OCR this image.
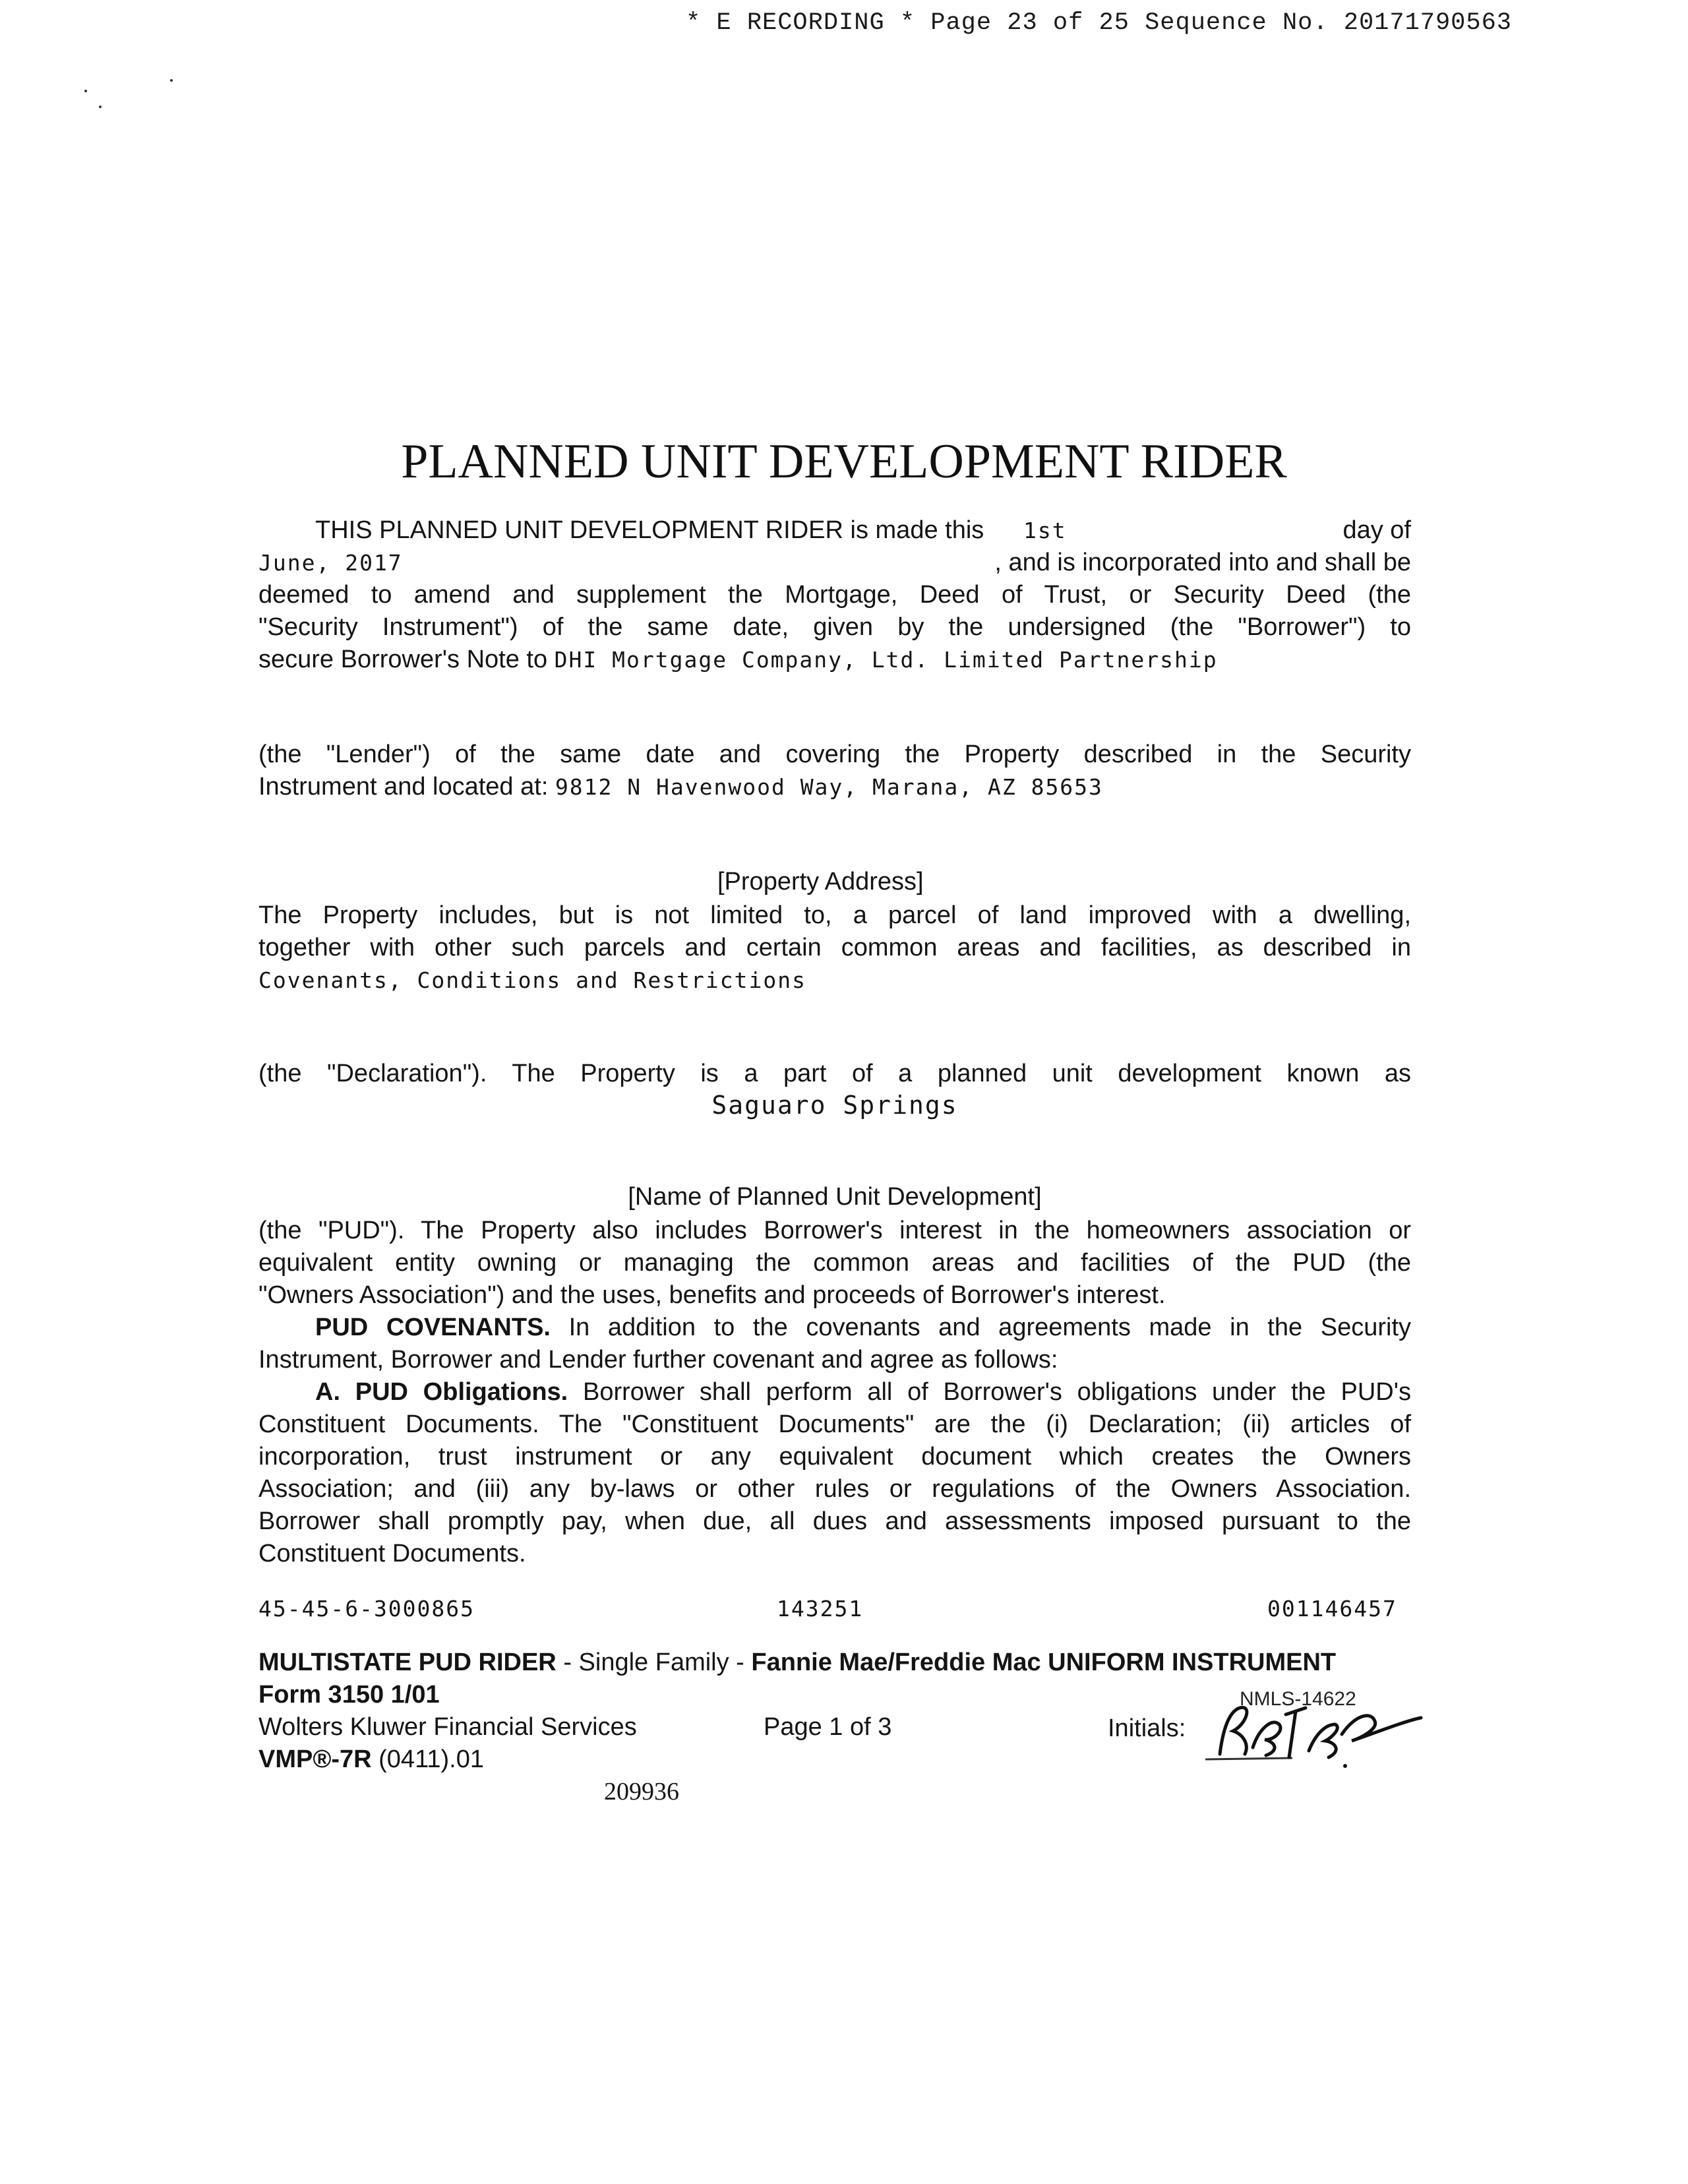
* E RECORDING * Page 23 of 25 Sequence No. 20171790563
PLANNED UNIT DEVELOPMENT RIDER
THIS PLANNED UNIT DEVELOPMENT RIDER is made this 1st	day of

June, 2017	, and is incorporated into and shall be

deemed to amend and supplement the Mortgage, Deed of Trust, or Security Deed (the
"Security Instrument") of the same date, given by the undersigned (the "Borrower") to
secure Borrower's Note to DHI Mortgage Company, Ltd. Limited Partnership
(the "Lender") of the same date and covering the Property described in the Security
Instrument and located at: 9812 N Havenwood Way, Marana, AZ 85653
[Property Address]
The Property includes, but is not limited to, a parcel of land improved with a dwelling,
together with other such parcels and certain common areas and facilities, as described in
Covenants, Conditions and Restrictions
(the "Declaration"). The Property is a part of a planned unit development known as
Saguaro Springs
[Name of Planned Unit Development]
(the "PUD"). The Property also includes Borrower's interest in the homeowners association or
equivalent entity owning or managing the common areas and facilities of the PUD (the
"Owners Association") and the uses, benefits and proceeds of Borrower's interest.
PUD COVENANTS. In addition to the covenants and agreements made in the Security
Instrument, Borrower and Lender further covenant and agree as follows:
A. PUD Obligations. Borrower shall perform all of Borrower's obligations under the PUD's
Constituent Documents. The "Constituent Documents" are the (i) Declaration; (ii) articles of
incorporation, trust instrument or any equivalent document which creates the Owners
Association; and (iii) any by-laws or other rules or regulations of the Owners Association.
Borrower shall promptly pay, when due, all dues and assessments imposed pursuant to the
Constituent Documents.
45-45-6-3000865	143251	001146457
MULTISTATE PUD RIDER - Single Family - Fannie Mae/Freddie Mac UNIFORM INSTRUMENT
Form 3150 1/01
Wolters Kluwer Financial Services	Page 1 of 3	Initials:
NMLS-14622
VMP®-7R (0411).01
209936
